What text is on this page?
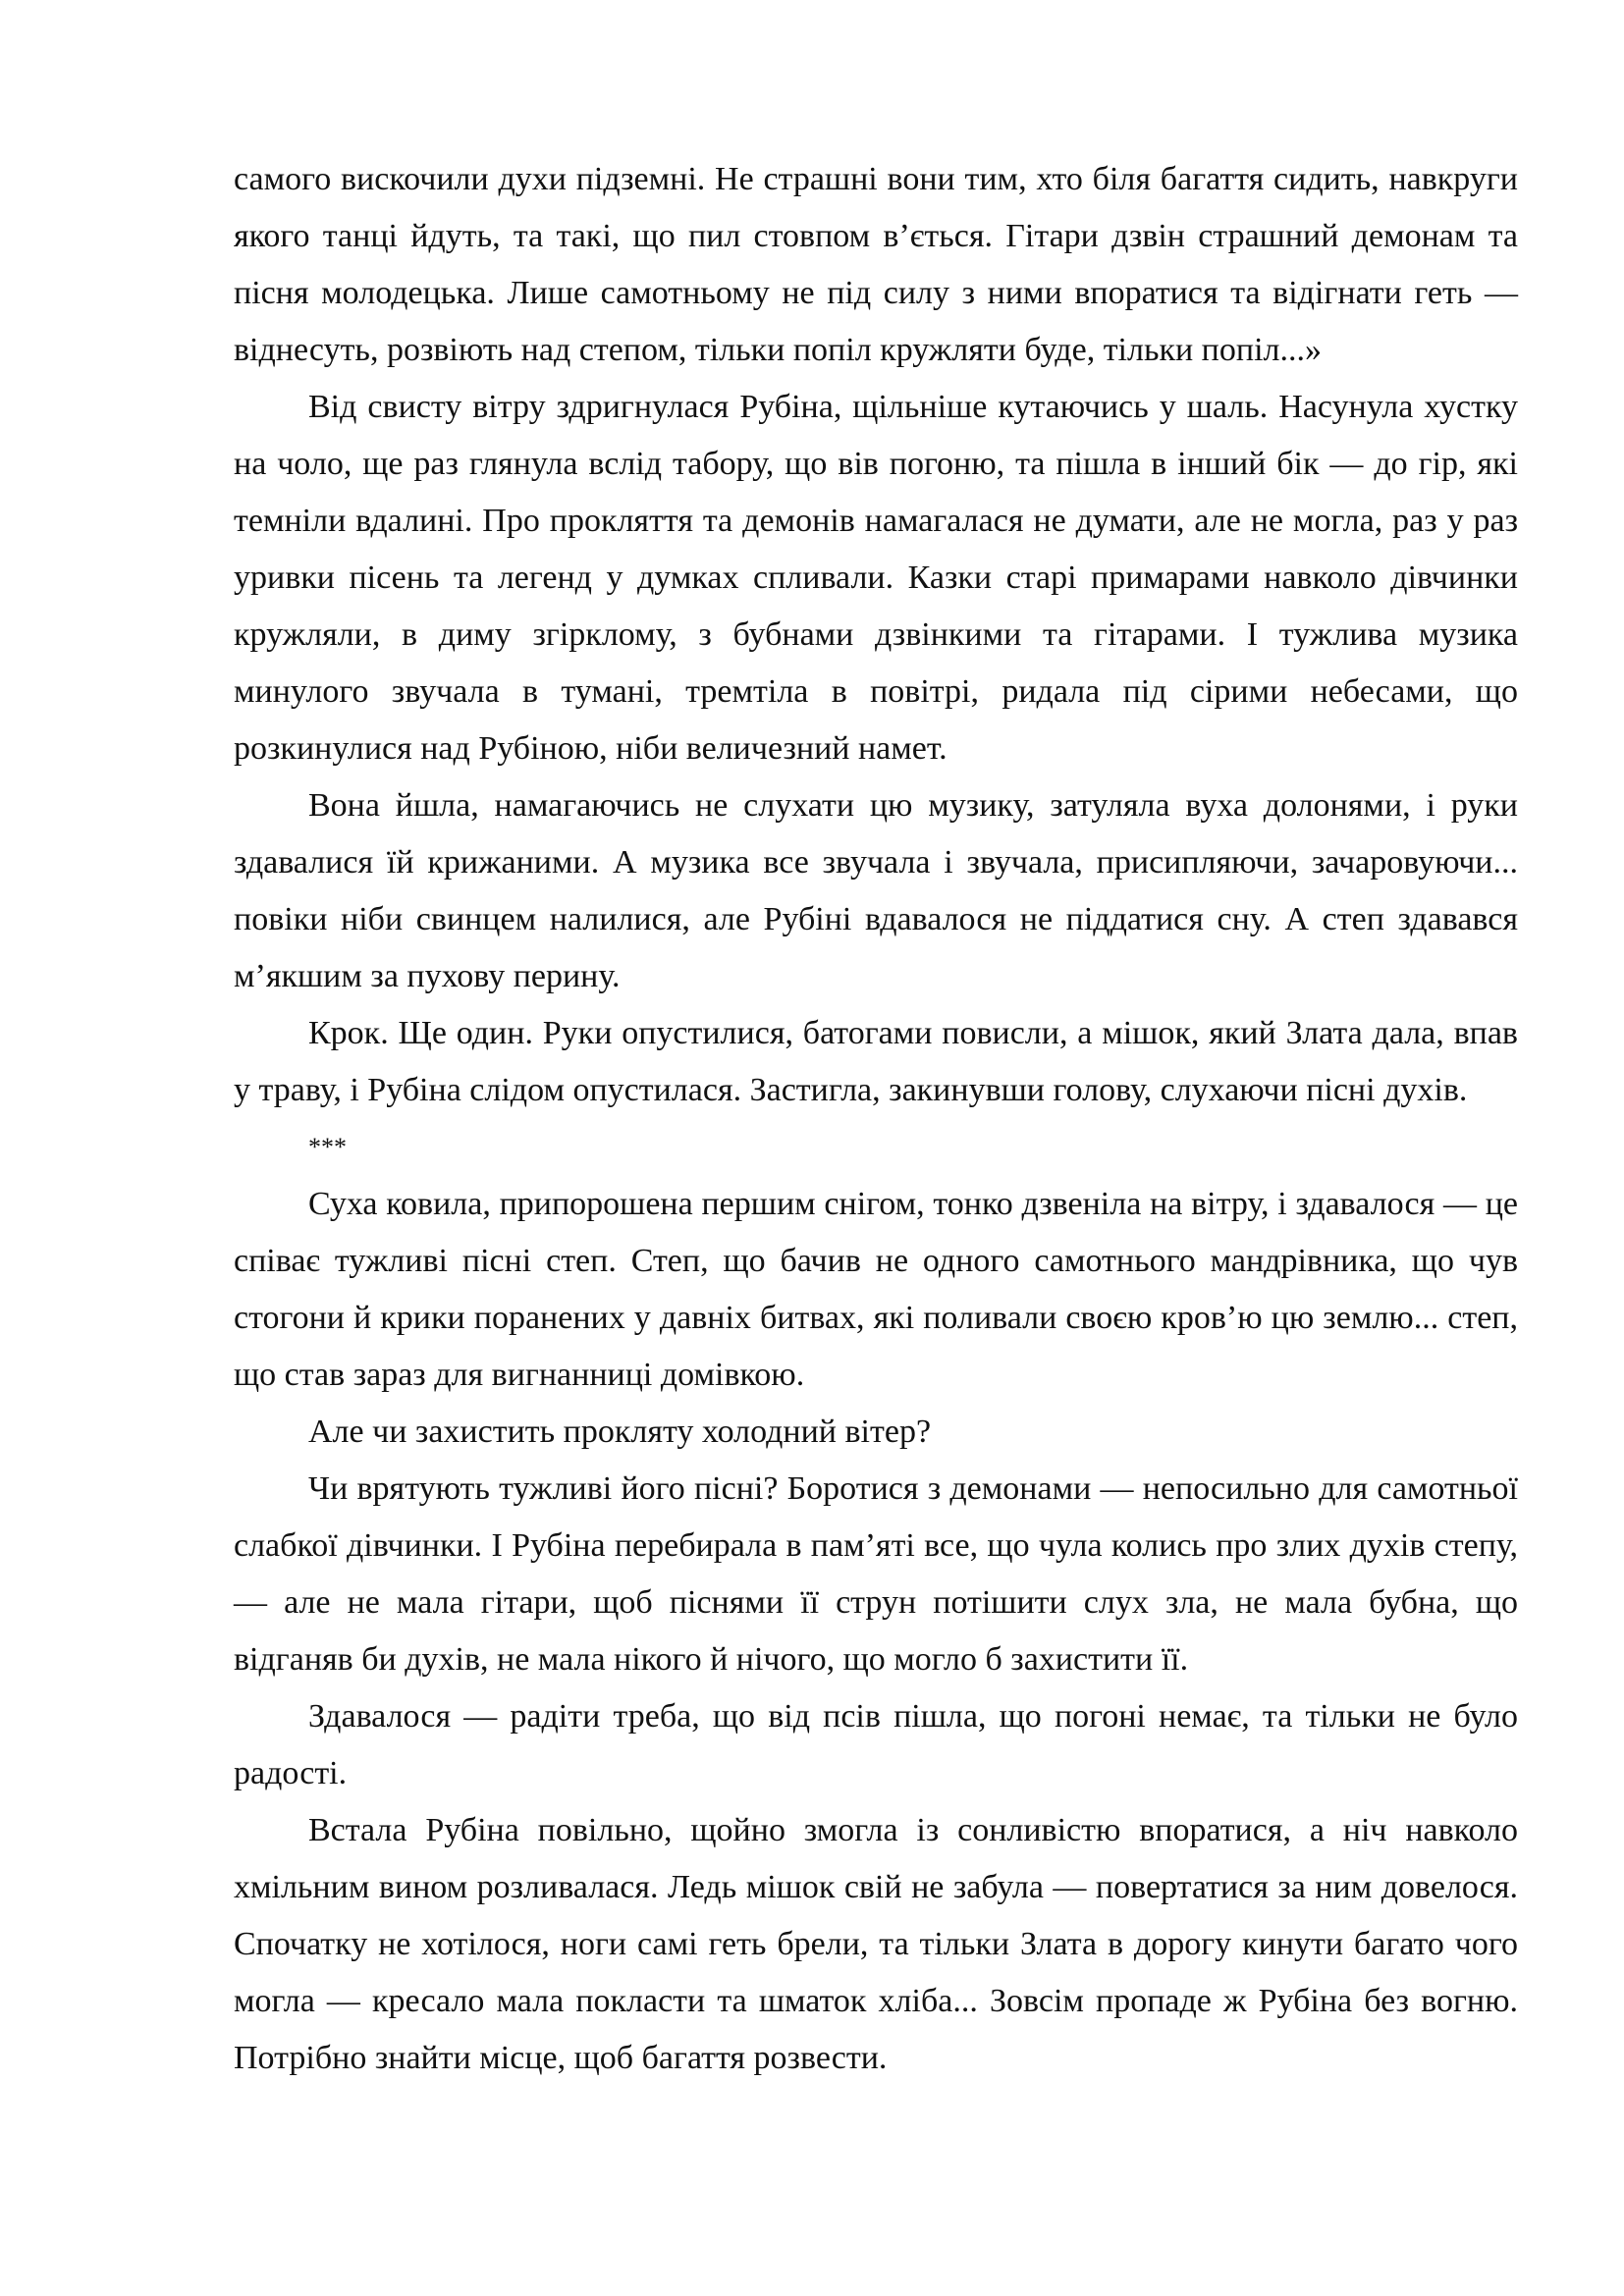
самого вискочили духи підземні. Не страшні вони тим, хто біля багаття сидить, навкруги якого танці йдуть, та такі, що пил стовпом в’ється. Гітари дзвін страшний демонам та пісня молодецька. Лише самотньому не під силу з ними впоратися та відігнати геть — віднесуть, розвіють над степом, тільки попіл кружляти буде, тільки попіл...»

Від свисту вітру здригнулася Рубіна, щільніше кутаючись у шаль. Насунула хустку на чоло, ще раз глянула вслід табору, що вів погоню, та пішла в інший бік — до гір, які темніли вдалині. Про прокляття та демонів намагалася не думати, але не могла, раз у раз уривки пісень та легенд у думках спливали. Казки старі примарами навколо дівчинки кружляли, в диму згірклому, з бубнами дзвінкими та гітарами. І тужлива музика минулого звучала в тумані, тремтіла в повітрі, ридала під сірими небесами, що розкинулися над Рубіною, ніби величезний намет.

Вона йшла, намагаючись не слухати цю музику, затуляла вуха долонями, і руки здавалися їй крижаними. А музика все звучала і звучала, присипляючи, зачаровуючи... повіки ніби свинцем налилися, але Рубіні вдавалося не піддатися сну. А степ здавався м’якшим за пухову перину.

Крок. Ще один. Руки опустилися, батогами повисли, а мішок, який Злата дала, впав у траву, і Рубіна слідом опустилася. Застигла, закинувши голову, слухаючи пісні духів.

***

Суха ковила, припорошена першим снігом, тонко дзвеніла на вітру, і здавалося — це співає тужливі пісні степ. Степ, що бачив не одного самотнього мандрівника, що чув стогони й крики поранених у давніх битвах, які поливали своєю кров’ю цю землю... степ, що став зараз для вигнанниці домівкою.

Але чи захистить прокляту холодний вітер?

Чи врятують тужливі його пісні? Боротися з демонами — непосильно для самотньої слабкої дівчинки. І Рубіна перебирала в пам’яті все, що чула колись про злих духів степу, — але не мала гітари, щоб піснями її струн потішити слух зла, не мала бубна, що відганяв би духів, не мала нікого й нічого, що могло б захистити її.

Здавалося — радіти треба, що від псів пішла, що погоні немає, та тільки не було радості.

Встала Рубіна повільно, щойно змогла із сонливістю впоратися, а ніч навколо хмільним вином розливалася. Ледь мішок свій не забула — повертатися за ним довелося. Спочатку не хотілося, ноги самі геть брели, та тільки Злата в дорогу кинути багато чого могла — кресало мала покласти та шматок хліба... Зовсім пропаде ж Рубіна без вогню. Потрібно знайти місце, щоб багаття розвести.
